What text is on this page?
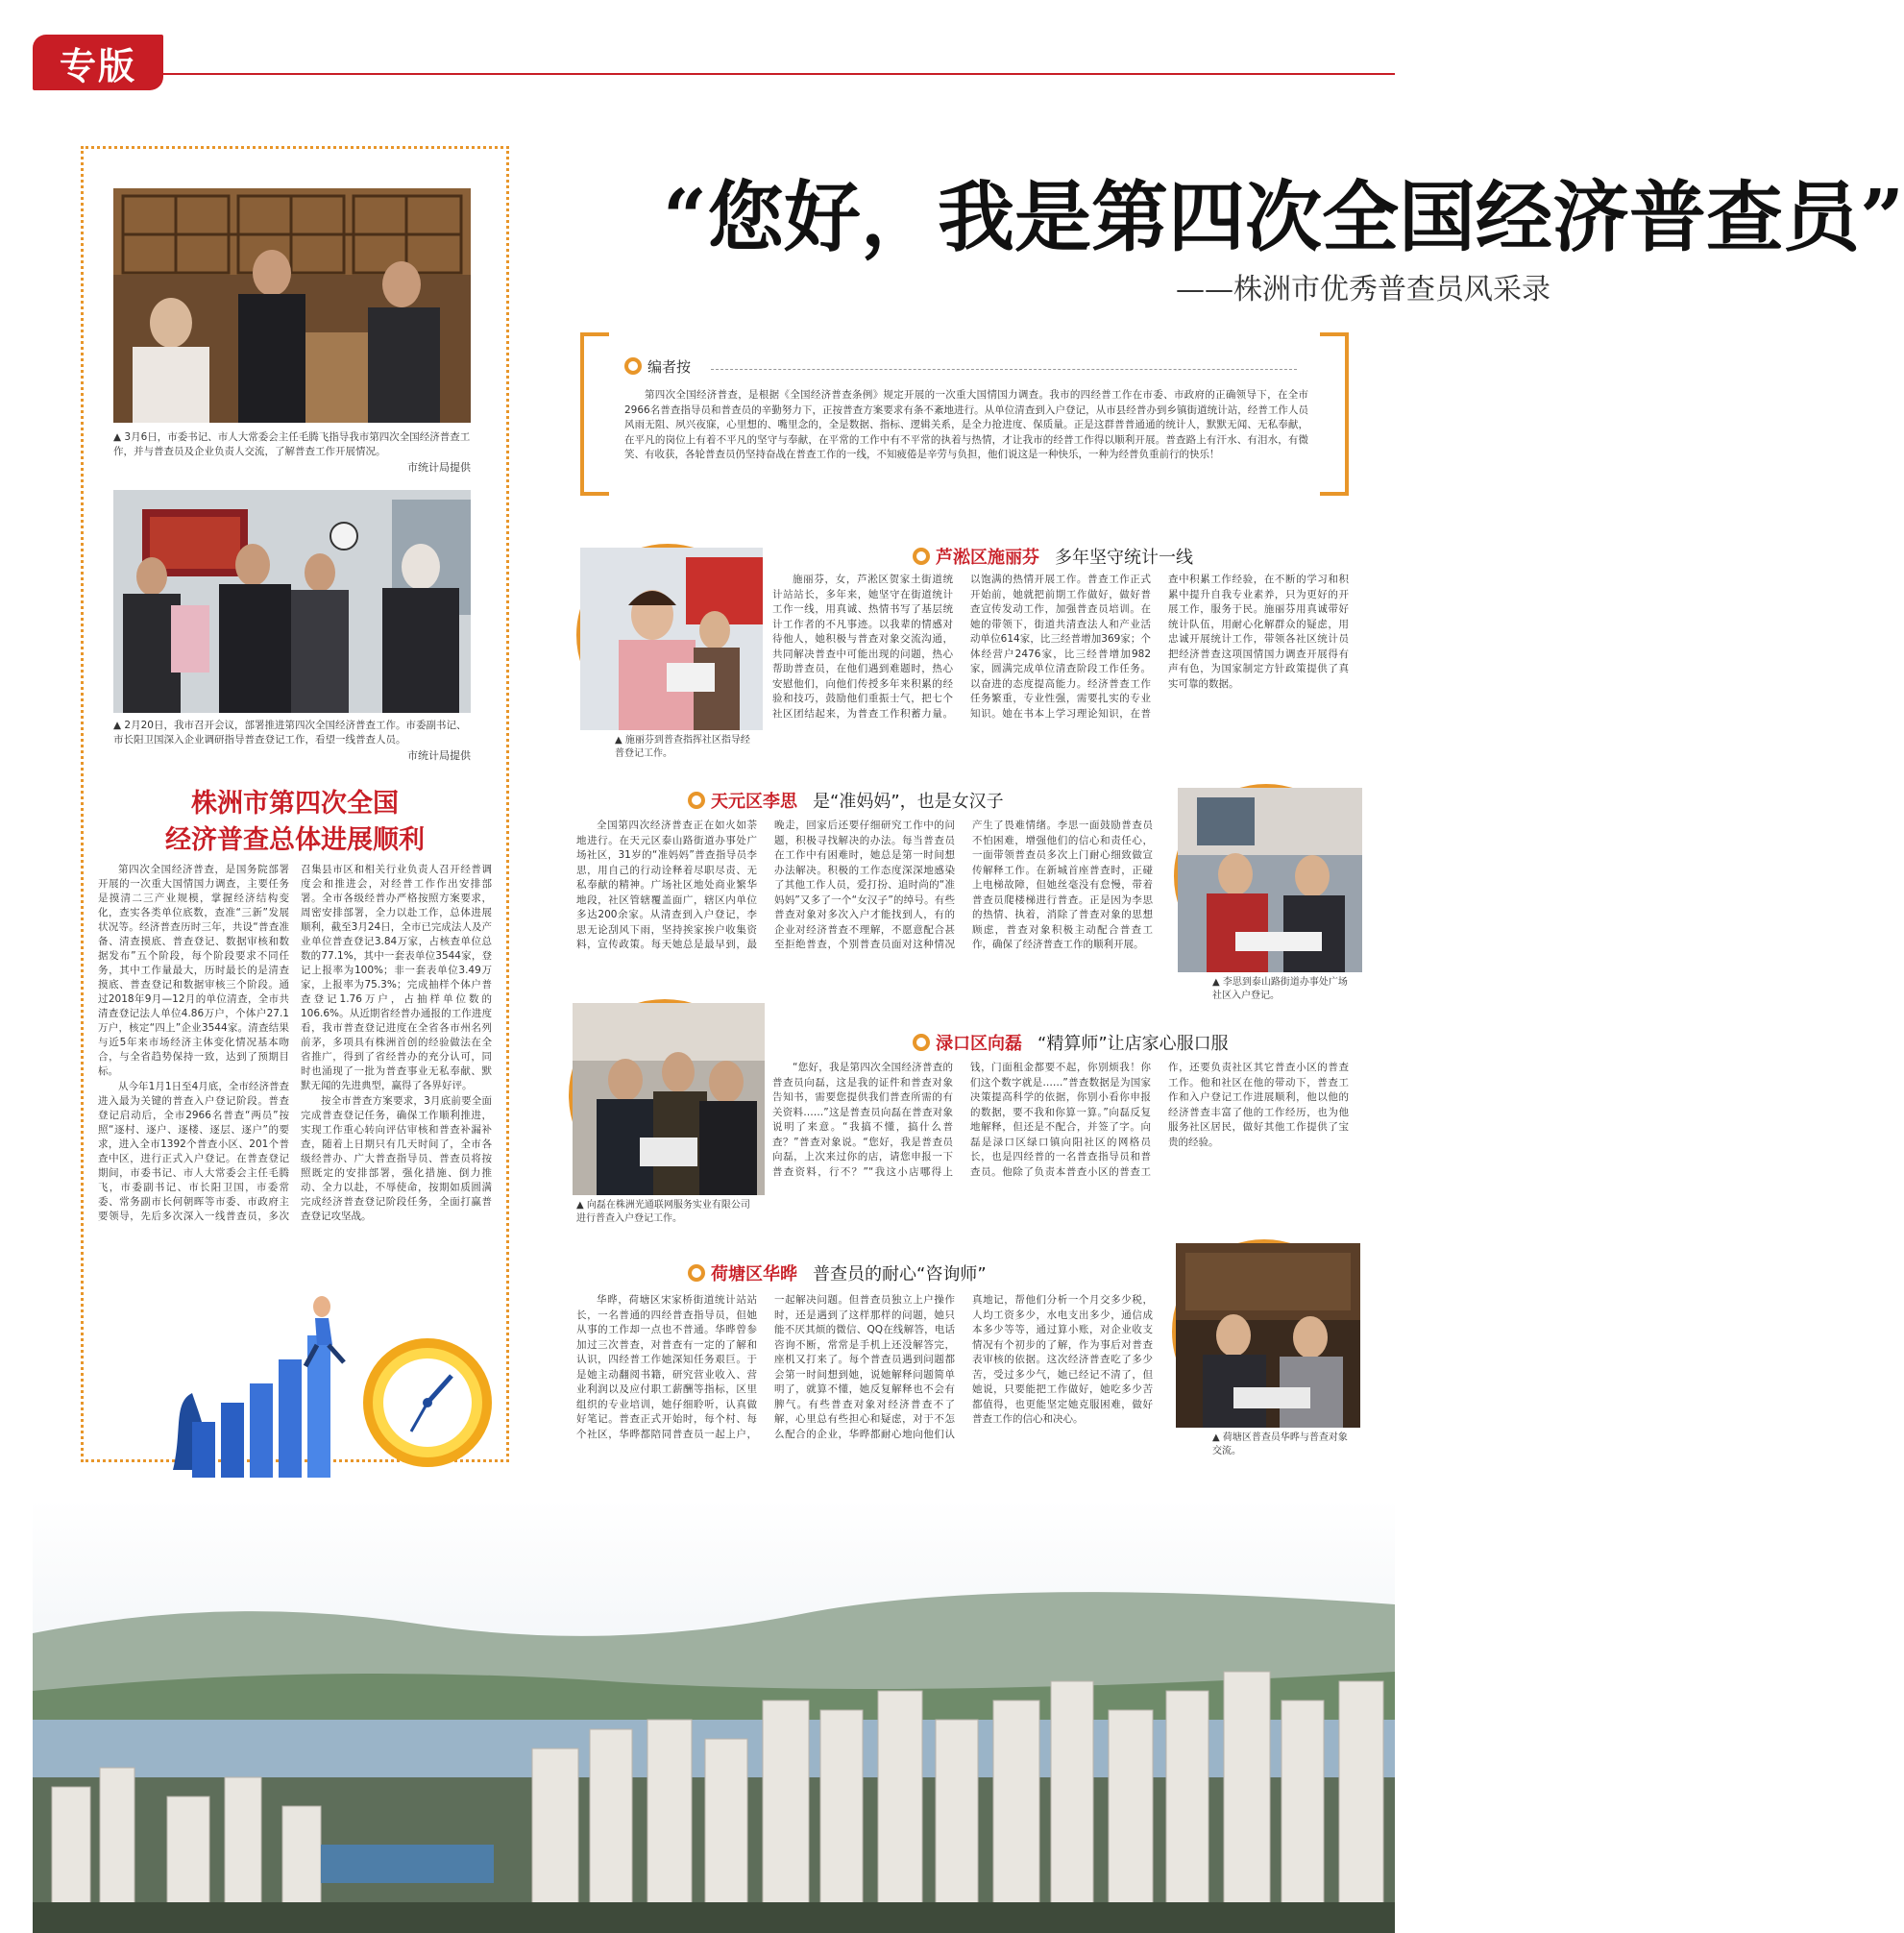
专版
▲ 3月6日，市委书记、市人大常委会主任毛腾飞指导我市第四次全国经济普查工作，并与普查员及企业负责人交流，了解普查工作开展情况。
市统计局提供
▲ 2月20日，我市召开会议，部署推进第四次全国经济普查工作。市委副书记、市长阳卫国深入企业调研指导普查登记工作，看望一线普查人员。
市统计局提供
株洲市第四次全国
经济普查总体进展顺利

第四次全国经济普查，是国务院部署开展的一次重大国情国力调查，主要任务是摸清二三产业规模，掌握经济结构变化，查实各类单位底数，查准“三新”发展状况等。经济普查历时三年，共设“普查准备、清查摸底、普查登记、数据审核和数据发布”五个阶段，每个阶段要求不同任务，其中工作量最大，历时最长的是清查摸底、普查登记和数据审核三个阶段。通过2018年9月—12月的单位清查，全市共清查登记法人单位4.86万户，个体户27.1万户，核定“四上”企业3544家。清查结果与近5年来市场经济主体变化情况基本吻合，与全省趋势保持一致，达到了预期目标。

从今年1月1日至4月底，全市经济普查进入最为关键的普查入户登记阶段。普查登记启动后，全市2966名普查“两员”按照“逐村、逐户、逐楼、逐层、逐户”的要求，进入全市1392个普查小区、201个普查中区，进行正式入户登记。在普查登记期间，市委书记、市人大常委会主任毛腾飞，市委副书记、市长阳卫国，市委常委、常务副市长何朝晖等市委、市政府主要领导，先后多次深入一线普查员，多次召集县市区和相关行业负责人召开经普调度会和推进会，对经普工作作出安排部署。全市各级经普办严格按照方案要求，周密安排部署，全力以赴工作，总体进展顺利，截至3月24日，全市已完成法人及产业单位普查登记3.84万家，占核查单位总数的77.1%，其中一套表单位3544家，登记上报率为100%；非一套表单位3.49万家，上报率为75.3%；完成抽样个体户普查登记1.76万户，占抽样单位数的106.6%。从近期省经普办通报的工作进度看，我市普查登记进度在全省各市州名列前茅，多项具有株洲首创的经验做法在全省推广，得到了省经普办的充分认可，同时也涌现了一批为普查事业无私奉献、默默无闻的先进典型，赢得了各界好评。

按全市普查方案要求，3月底前要全面完成普查登记任务，确保工作顺利推进，实现工作重心转向评估审核和普查补漏补查，随着上日期只有几天时间了，全市各级经普办、广大普查指导员、普查员将按照既定的安排部署，强化措施、倒力推动、全力以赴，不辱使命，按期如质圆满完成经济普查登记阶段任务，全面打赢普查登记攻坚战。

“您好，我是第四次全国经济普查员”
——株洲市优秀普查员风采录
编者按
第四次全国经济普查，是根据《全国经济普查条例》规定开展的一次重大国情国力调查。我市的四经普工作在市委、市政府的正确领导下，在全市2966名普查指导员和普查员的辛勤努力下，正按普查方案要求有条不紊地进行。从单位清查到入户登记，从市县经普办到乡镇街道统计站，经普工作人员风雨无阻、夙兴夜寐，心里想的、嘴里念的，全是数据、指标、逻辑关系，是全力抢进度、保质量。正是这群普普通通的统计人，默默无闻、无私奉献，在平凡的岗位上有着不平凡的坚守与奉献，在平常的工作中有不平常的执着与热情，才让我市的经普工作得以顺利开展。普查路上有汗水、有泪水，有微笑、有收获，各轮普查员仍坚持奋战在普查工作的一线，不知疲倦是辛劳与负担，他们说这是一种快乐，一种为经普负重前行的快乐！
芦淞区施丽芬 多年坚守统计一线
▲ 施丽芬到普查指挥社区指导经普登记工作。

施丽芬，女，芦淞区贺家土街道统计站站长，多年来，她坚守在街道统计工作一线，用真诚、热情书写了基层统计工作者的不凡事迹。以我辈的情感对待他人，她积极与普查对象交流沟通，共同解决普查中可能出现的问题，热心帮助普查员，在他们遇到难题时，热心安慰他们，向他们传授多年来积累的经验和技巧，鼓励他们重振士气，把七个社区团结起来，为普查工作积蓄力量。以饱满的热情开展工作。普查工作正式开始前，她就把前期工作做好，做好普查宣传发动工作，加强普查员培训。在她的带领下，街道共清查法人和产业活动单位614家，比三经普增加369家；个体经营户2476家，比三经普增加982家，圆满完成单位清查阶段工作任务。以奋进的态度提高能力。经济普查工作任务繁重，专业性强，需要扎实的专业知识。她在书本上学习理论知识，在普查中积累工作经验，在不断的学习和积累中提升自我专业素养，只为更好的开展工作，服务于民。施丽芬用真诚带好统计队伍，用耐心化解群众的疑虑，用忠诚开展统计工作，带领各社区统计员把经济普查这项国情国力调查开展得有声有色，为国家制定方针政策提供了真实可靠的数据。

天元区李思 是“准妈妈”，也是女汉子

全国第四次经济普查正在如火如荼地进行。在天元区泰山路街道办事处广场社区，31岁的“准妈妈”普查指导员李思，用自己的行动诠释着尽职尽责、无私奉献的精神。广场社区地处商业繁华地段，社区管辖覆盖面广，辖区内单位多达200余家。从清查到入户登记，李思无论刮风下雨，坚持挨家挨户收集资料，宣传政策。每天她总是最早到，最晚走，回家后还要仔细研究工作中的问题，积极寻找解决的办法。每当普查员在工作中有困难时，她总是第一时间想办法解决。积极的工作态度深深地感染了其他工作人员，爱打扮、追时尚的“准妈妈”又多了一个“女汉子”的绰号。有些普查对象对多次入户才能找到人，有的企业对经济普查不理解，不愿意配合甚至拒绝普查，个别普查员面对这种情况产生了畏难情绪。李思一面鼓励普查员不怕困难，增强他们的信心和责任心，一面带领普查员多次上门耐心细致做宣传解释工作。在新城首座普查时，正碰上电梯故障，但她丝毫没有怠慢，带着普查员爬楼梯进行普查。正是因为李思的热情、执着，消除了普查对象的思想顾虑，普查对象积极主动配合普查工作，确保了经济普查工作的顺利开展。

▲ 李思到泰山路街道办事处广场社区入户登记。
渌口区向磊 “精算师”让店家心服口服
▲ 向磊在株洲光通联网服务实业有限公司进行普查入户登记工作。

“您好，我是第四次全国经济普查的普查员向磊，这是我的证件和普查对象告知书，需要您提供我们普查所需的有关资料……”这是普查员向磊在普查对象说明了来意。“我搞不懂，搞什么普查？”普查对象说。“您好，我是普查员向磊，上次来过你的店，请您申报一下普查资料，行不？”“我这小店哪得上钱，门面租金都要不起，你别烦我！你们这个数字就是……”普查数据是为国家决策提高科学的依据，你别小看你申报的数据，要不我和你算一算。”向磊反复地解释，但还是不配合，并签了字。向磊是渌口区绿口镇向阳社区的网格员长，也是四经普的一名普查指导员和普查员。他除了负责本普查小区的普查工作，还要负责社区其它普查小区的普查工作。他和社区在他的带动下，普查工作和入户登记工作进展顺利，他以他的经济普查丰富了他的工作经历，也为他服务社区居民，做好其他工作提供了宝贵的经验。

荷塘区华晔 普查员的耐心“咨询师”

华晔，荷塘区宋家桥街道统计站站长，一名普通的四经普查指导员，但她从事的工作却一点也不普通。华晔曾参加过三次普查，对普查有一定的了解和认识，四经普工作她深知任务艰巨。于是她主动翻阅书籍，研究营业收入、营业利润以及应付职工薪酬等指标，区里组织的专业培训，她仔细聆听，认真做好笔记。普查正式开始时，每个村、每个社区，华晔都陪同普查员一起上户，一起解决问题。但普查员独立上户操作时，还是遇到了这样那样的问题，她只能不厌其烦的微信、QQ在线解答，电话咨询不断，常常是手机上还没解答完，座机又打来了。每个普查员遇到问题都会第一时间想到她，说她解释问题简单明了，就算不懂，她反复解释也不会有脾气。有些普查对象对经济普查不了解，心里总有些担心和疑虑，对于不怎么配合的企业，华晔都耐心地向他们认真地记，帮他们分析一个月交多少税，人均工资多少，水电支出多少，通信成本多少等等，通过算小账，对企业收支情况有个初步的了解，作为事后对普查表审核的依据。这次经济普查吃了多少苦，受过多少气，她已经记不清了，但她说，只要能把工作做好，她吃多少苦都值得，也更能坚定她克服困难，做好普查工作的信心和决心。

▲ 荷塘区普查员华晔与普查对象交流。
